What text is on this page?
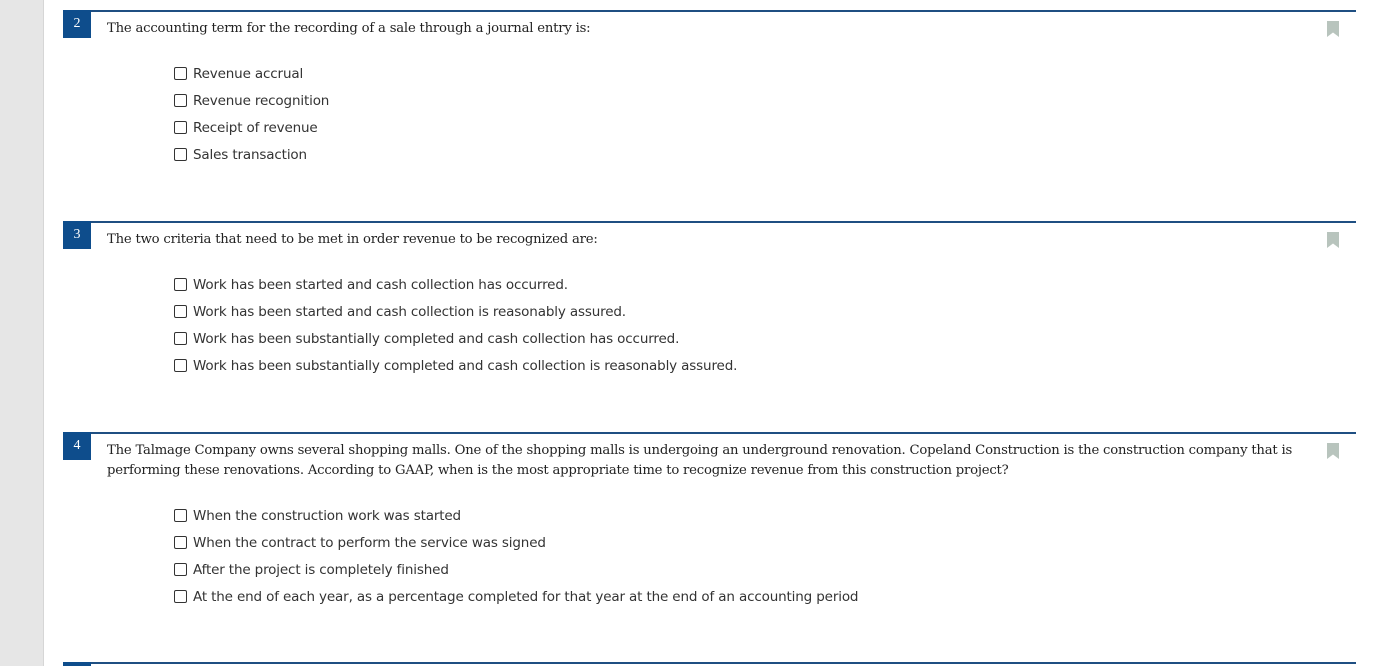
2	The accounting term for the recording of a sale through a journal entry is:

Revenue accrual
Revenue recognition
Receipt of revenue
Sales transaction
3	The two criteria that need to be met in order revenue to be recognized are:

Work has been started and cash collection has occurred.
Work has been started and cash collection is reasonably assured.
Work has been substantially completed and cash collection has occurred.
Work has been substantially completed and cash collection is reasonably assured.
4	The Talmage Company owns several shopping malls. One of the shopping malls is undergoing an underground renovation. Copeland Construction is the construction company that is performing these renovations. According to GAAP, when is the most appropriate time to recognize revenue from this construction project?

When the construction work was started
When the contract to perform the service was signed
After the project is completely finished
At the end of each year, as a percentage completed for that year at the end of an accounting period
